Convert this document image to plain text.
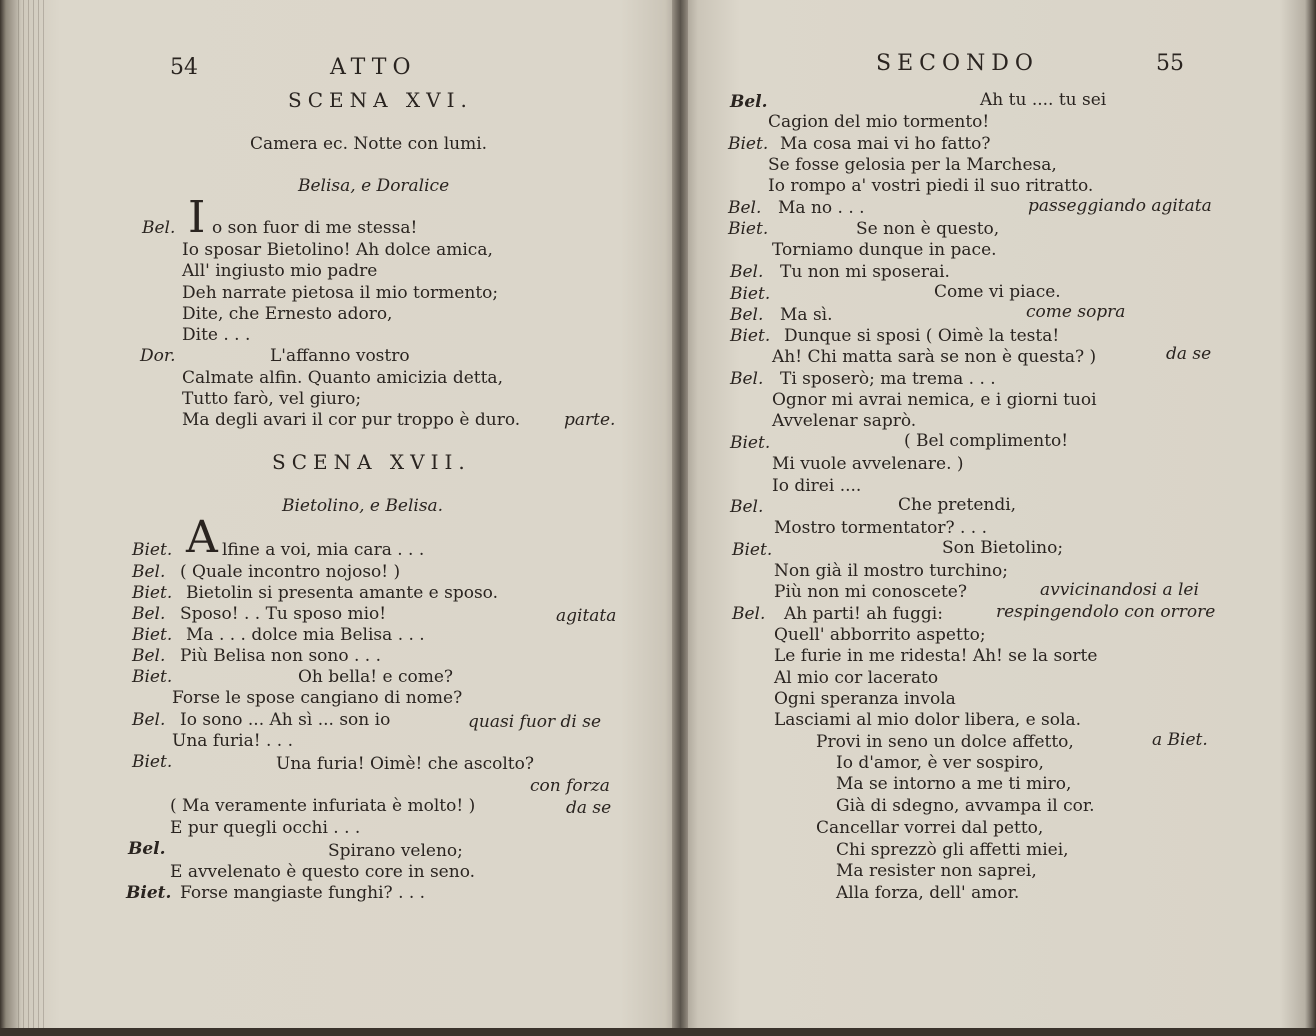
54	ATTO
SCENA XVI.
Camera ec. Notte con lumi.
Belisa, e Doralice
Bel. I o son fuor di me stessa!
Io sposar Bietolino! Ah dolce amica,
All' ingiusto mio padre
Deh narrate pietosa il mio tormento;
Dite, che Ernesto adoro,
Dite . . .
Dor.	L'affanno vostro
Calmate alfin. Quanto amicizia detta,
Tutto farò, vel giuro;
Ma degli avari il cor pur troppo è duro.	parte.
SCENA XVII.
Bietolino, e Belisa.
Biet. A lfine a voi, mia cara . . .
Bel. ( Quale incontro nojoso! )
Biet. Bietolin si presenta amante e sposo.
Bel. Sposo! . . Tu sposo mio!	agitata
Biet. Ma . . . dolce mia Belisa . . .
Bel. Più Belisa non sono . . .
Biet.	Oh bella! e come?
Forse le spose cangiano di nome?
Bel. Io sono ... Ah sì ... son io	quasi fuor di se
Una furia! . . .
Biet.	Una furia! Oimè! che ascolto?
con forza
( Ma veramente infuriata è molto! )	da se
E pur quegli occhi . . .
Bel.	Spirano veleno;
E avvelenato è questo core in seno.
Biet. Forse mangiaste funghi? . . .
SECONDO	55
Bel.	Ah tu .... tu sei
Cagion del mio tormento!
Biet. Ma cosa mai vi ho fatto?
Se fosse gelosia per la Marchesa,
Io rompo a' vostri piedi il suo ritratto.
Bel. Ma no . . .	passeggiando agitata
Biet.	Se non è questo,
Torniamo dunque in pace.
Bel. Tu non mi sposerai.
Biet.	Come vi piace.
Bel. Ma sì.	come sopra
Biet. Dunque si sposi ( Oimè la testa!
Ah! Chi matta sarà se non è questa? )	da se
Bel. Ti sposerò; ma trema . . .
Ognor mi avrai nemica, e i giorni tuoi
Avvelenar saprò.
Biet.	( Bel complimento!
Mi vuole avvelenare. )
Io direi ....
Bel.	Che pretendi,
Mostro tormentator? . . .
Biet.	Son Bietolino;
Non già il mostro turchino;
Più non mi conoscete?	avvicinandosi a lei
Bel. Ah parti! ah fuggi:	respingendolo con orrore
Quell' abborrito aspetto;
Le furie in me ridesta! Ah! se la sorte
Al mio cor lacerato
Ogni speranza invola
Lasciami al mio dolor libera, e sola.
Provi in seno un dolce affetto,	a Biet.
Io d'amor, è ver sospiro,
Ma se intorno a me ti miro,
Già di sdegno, avvampa il cor.
Cancellar vorrei dal petto,
Chi sprezzò gli affetti miei,
Ma resister non saprei,
Alla forza, dell' amor.
